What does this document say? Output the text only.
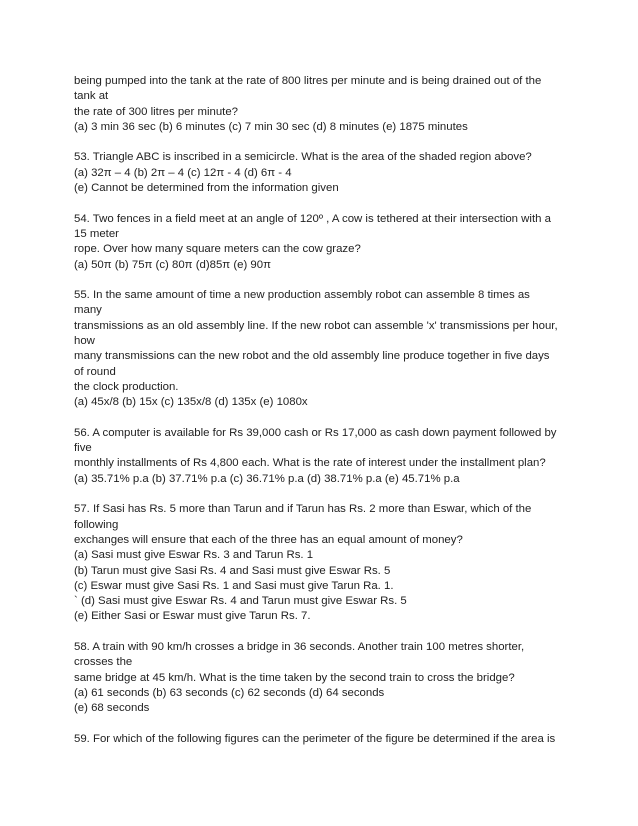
being pumped into the tank at the rate of 800 litres per minute and is being drained out of the
tank at
the rate of 300 litres per minute?
(a) 3 min 36 sec (b) 6 minutes (c) 7 min 30 sec (d) 8 minutes (e) 1875 minutes
53. Triangle ABC is inscribed in a semicircle. What is the area of the shaded region above?
(a) 32π – 4 (b) 2π – 4 (c) 12π - 4 (d) 6π - 4
(e) Cannot be determined from the information given
54. Two fences in a field meet at an angle of 120º , A cow is tethered at their intersection with a
15 meter
rope. Over how many square meters can the cow graze?
(a) 50π (b) 75π (c) 80π (d)85π (e) 90π
55. In the same amount of time a new production assembly robot can assemble 8 times as
many
transmissions as an old assembly line. If the new robot can assemble 'x' transmissions per hour,
how
many transmissions can the new robot and the old assembly line produce together in five days
of round
the clock production.
(a) 45x/8 (b) 15x (c) 135x/8 (d) 135x (e) 1080x
56. A computer is available for Rs 39,000 cash or Rs 17,000 as cash down payment followed by
five
monthly installments of Rs 4,800 each. What is the rate of interest under the installment plan?
(a) 35.71% p.a (b) 37.71% p.a (c) 36.71% p.a (d) 38.71% p.a (e) 45.71% p.a
57. If Sasi has Rs. 5 more than Tarun and if Tarun has Rs. 2 more than Eswar, which of the
following
exchanges will ensure that each of the three has an equal amount of money?
(a) Sasi must give Eswar Rs. 3 and Tarun Rs. 1
(b) Tarun must give Sasi Rs. 4 and Sasi must give Eswar Rs. 5
(c) Eswar must give Sasi Rs. 1 and Sasi must give Tarun Ra. 1.
` (d) Sasi must give Eswar Rs. 4 and Tarun must give Eswar Rs. 5
(e) Either Sasi or Eswar must give Tarun Rs. 7.
58. A train with 90 km/h crosses a bridge in 36 seconds. Another train 100 metres shorter,
crosses the
same bridge at 45 km/h. What is the time taken by the second train to cross the bridge?
(a) 61 seconds (b) 63 seconds (c) 62 seconds (d) 64 seconds
(e) 68 seconds
59. For which of the following figures can the perimeter of the figure be determined if the area is
